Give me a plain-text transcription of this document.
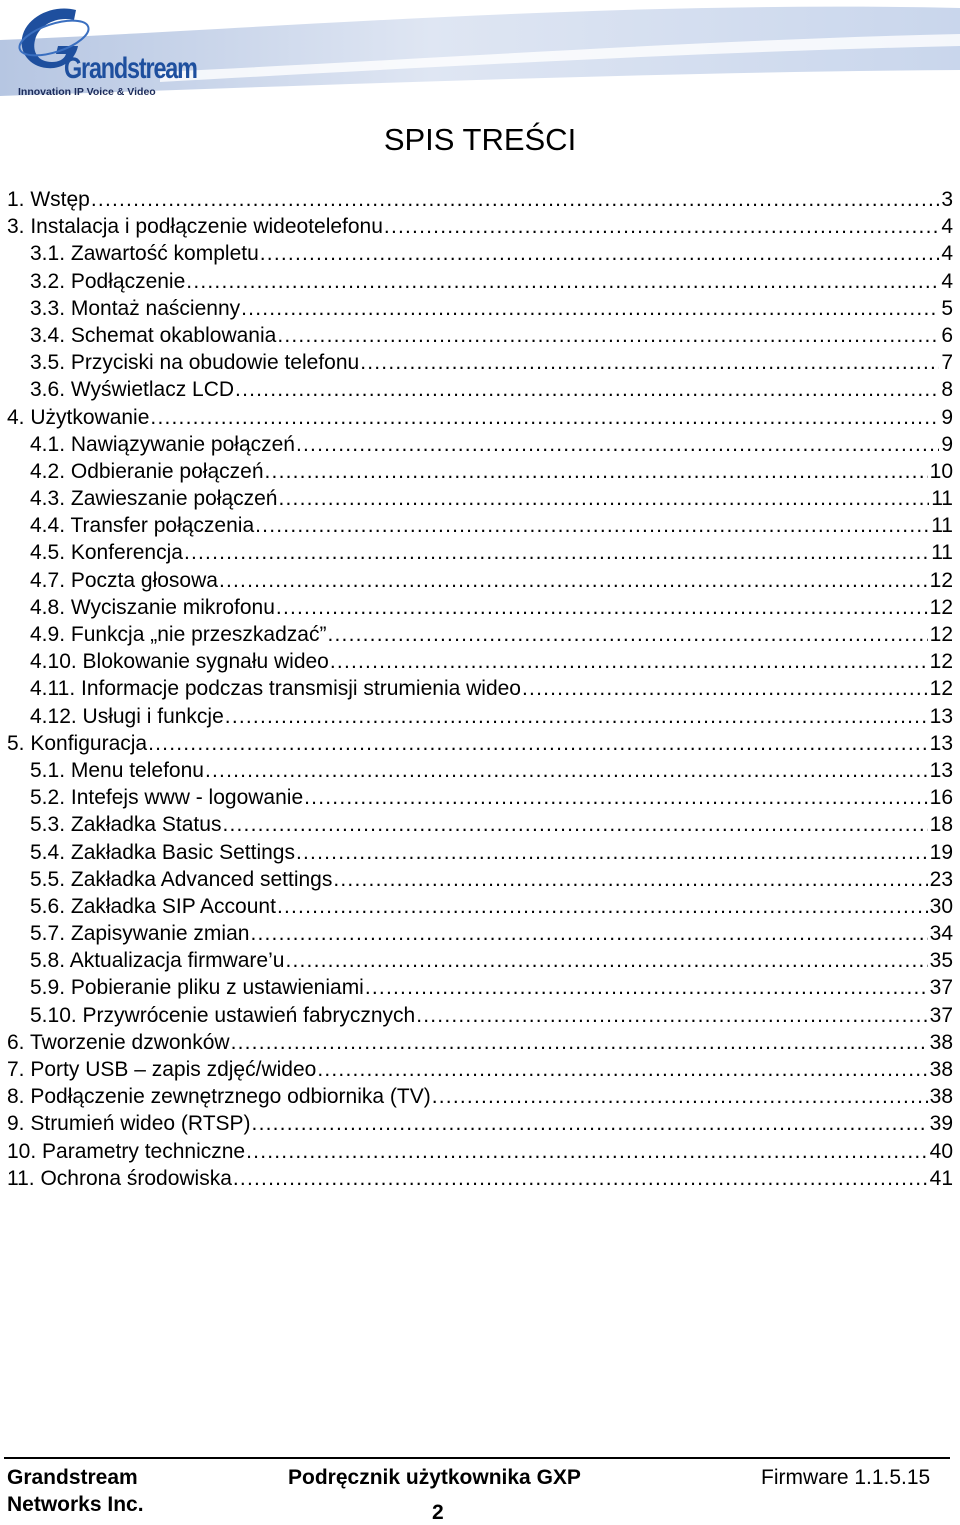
Grandstream
Innovation IP Voice & Video
SPIS TREŚCI
1. Wstęp .....	3
3. Instalacja i podłączenie wideotelefonu .....	4
3.1. Zawartość kompletu .....	4
3.2. Podłączenie .....	4
3.3. Montaż naścienny .....	5
3.4. Schemat okablowania .....	6
3.5. Przyciski na obudowie telefonu .....	7
3.6. Wyświetlacz LCD .....	8
4. Użytkowanie .....	9
4.1. Nawiązywanie połączeń .....	9
4.2. Odbieranie połączeń .....	10
4.3. Zawieszanie połączeń .....	11
4.4. Transfer połączenia .....	11
4.5. Konferencja .....	11
4.7. Poczta głosowa .....	12
4.8. Wyciszanie mikrofonu .....	12
4.9. Funkcja „nie przeszkadzać” .....	12
4.10. Blokowanie sygnału wideo .....	12
4.11. Informacje podczas transmisji strumienia wideo .....	12
4.12. Usługi i funkcje .....	13
5. Konfiguracja .....	13
5.1. Menu telefonu .....	13
5.2. Intefejs www - logowanie .....	16
5.3. Zakładka Status .....	18
5.4. Zakładka Basic Settings .....	19
5.5. Zakładka Advanced settings .....	23
5.6. Zakładka SIP Account .....	30
5.7. Zapisywanie zmian .....	34
5.8. Aktualizacja firmware’u .....	35
5.9. Pobieranie pliku z ustawieniami .....	37
5.10. Przywrócenie ustawień fabrycznych .....	37
6. Tworzenie dzwonków .....	38
7. Porty USB – zapis zdjęć/wideo .....	38
8. Podłączenie zewnętrznego odbiornika (TV) .....	38
9. Strumień wideo (RTSP) .....	39
10. Parametry techniczne .....	40
11. Ochrona środowiska .....	41
Grandstream
Networks Inc.
Podręcznik użytkownika GXP	Firmware 1.1.5.15
2
